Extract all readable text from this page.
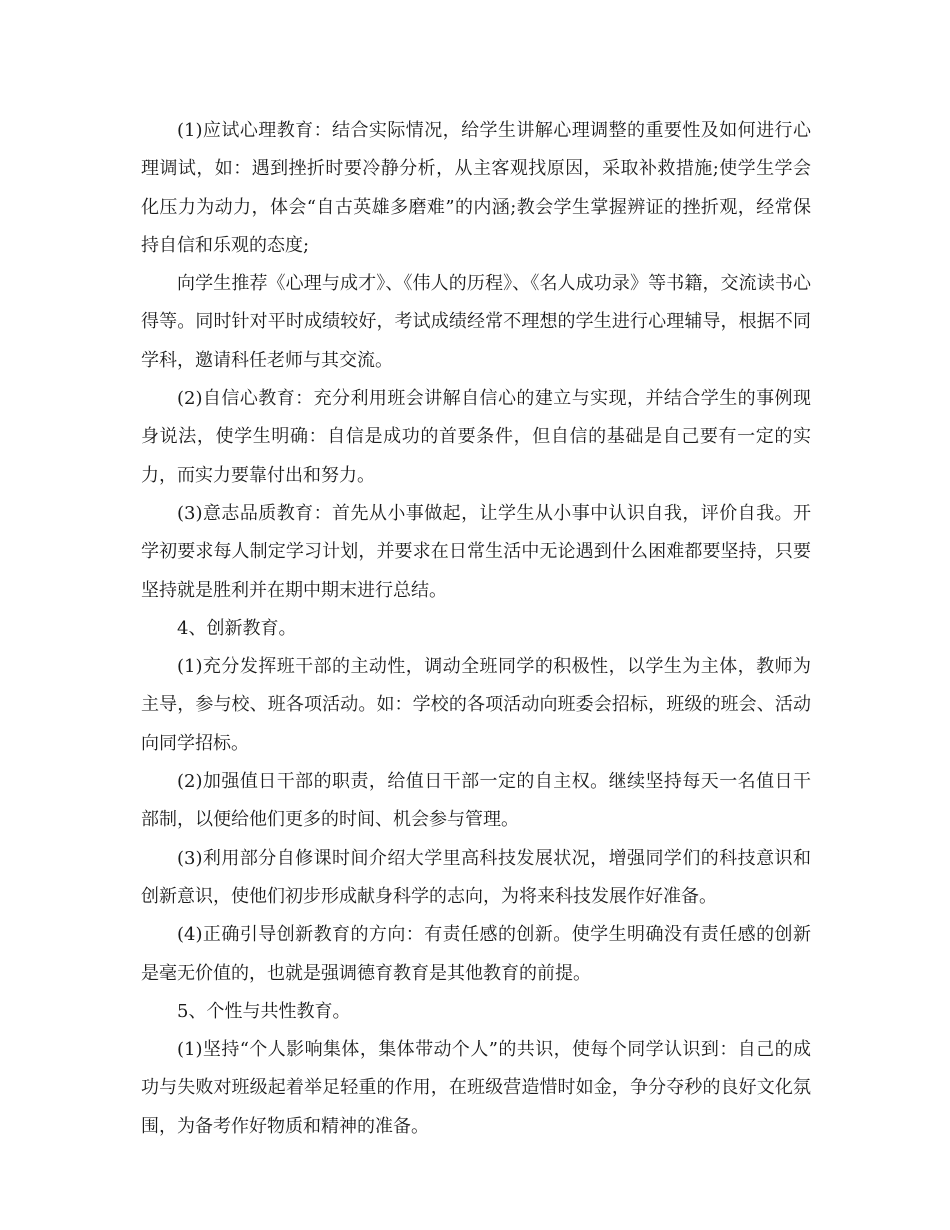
(1)应试心理教育：结合实际情况，给学生讲解心理调整的重要性及如何进行心理调试，如：遇到挫折时要冷静分析，从主客观找原因，采取补救措施;使学生学会化压力为动力，体会“自古英雄多磨难”的内涵;教会学生掌握辨证的挫折观，经常保持自信和乐观的态度;

向学生推荐《心理与成才》、《伟人的历程》、《名人成功录》等书籍，交流读书心得等。同时针对平时成绩较好，考试成绩经常不理想的学生进行心理辅导，根据不同学科，邀请科任老师与其交流。

(2)自信心教育：充分利用班会讲解自信心的建立与实现，并结合学生的事例现身说法，使学生明确：自信是成功的首要条件，但自信的基础是自己要有一定的实力，而实力要靠付出和努力。

(3)意志品质教育：首先从小事做起，让学生从小事中认识自我，评价自我。开学初要求每人制定学习计划，并要求在日常生活中无论遇到什么困难都要坚持，只要坚持就是胜利并在期中期末进行总结。

4、创新教育。

(1)充分发挥班干部的主动性，调动全班同学的积极性，以学生为主体，教师为主导，参与校、班各项活动。如：学校的各项活动向班委会招标，班级的班会、活动向同学招标。

(2)加强值日干部的职责，给值日干部一定的自主权。继续坚持每天一名值日干部制，以便给他们更多的时间、机会参与管理。

(3)利用部分自修课时间介绍大学里高科技发展状况，增强同学们的科技意识和创新意识，使他们初步形成献身科学的志向，为将来科技发展作好准备。

(4)正确引导创新教育的方向：有责任感的创新。使学生明确没有责任感的创新是毫无价值的，也就是强调德育教育是其他教育的前提。

5、个性与共性教育。

(1)坚持“个人影响集体，集体带动个人”的共识，使每个同学认识到：自己的成功与失败对班级起着举足轻重的作用，在班级营造惜时如金，争分夺秒的良好文化氛围，为备考作好物质和精神的准备。
